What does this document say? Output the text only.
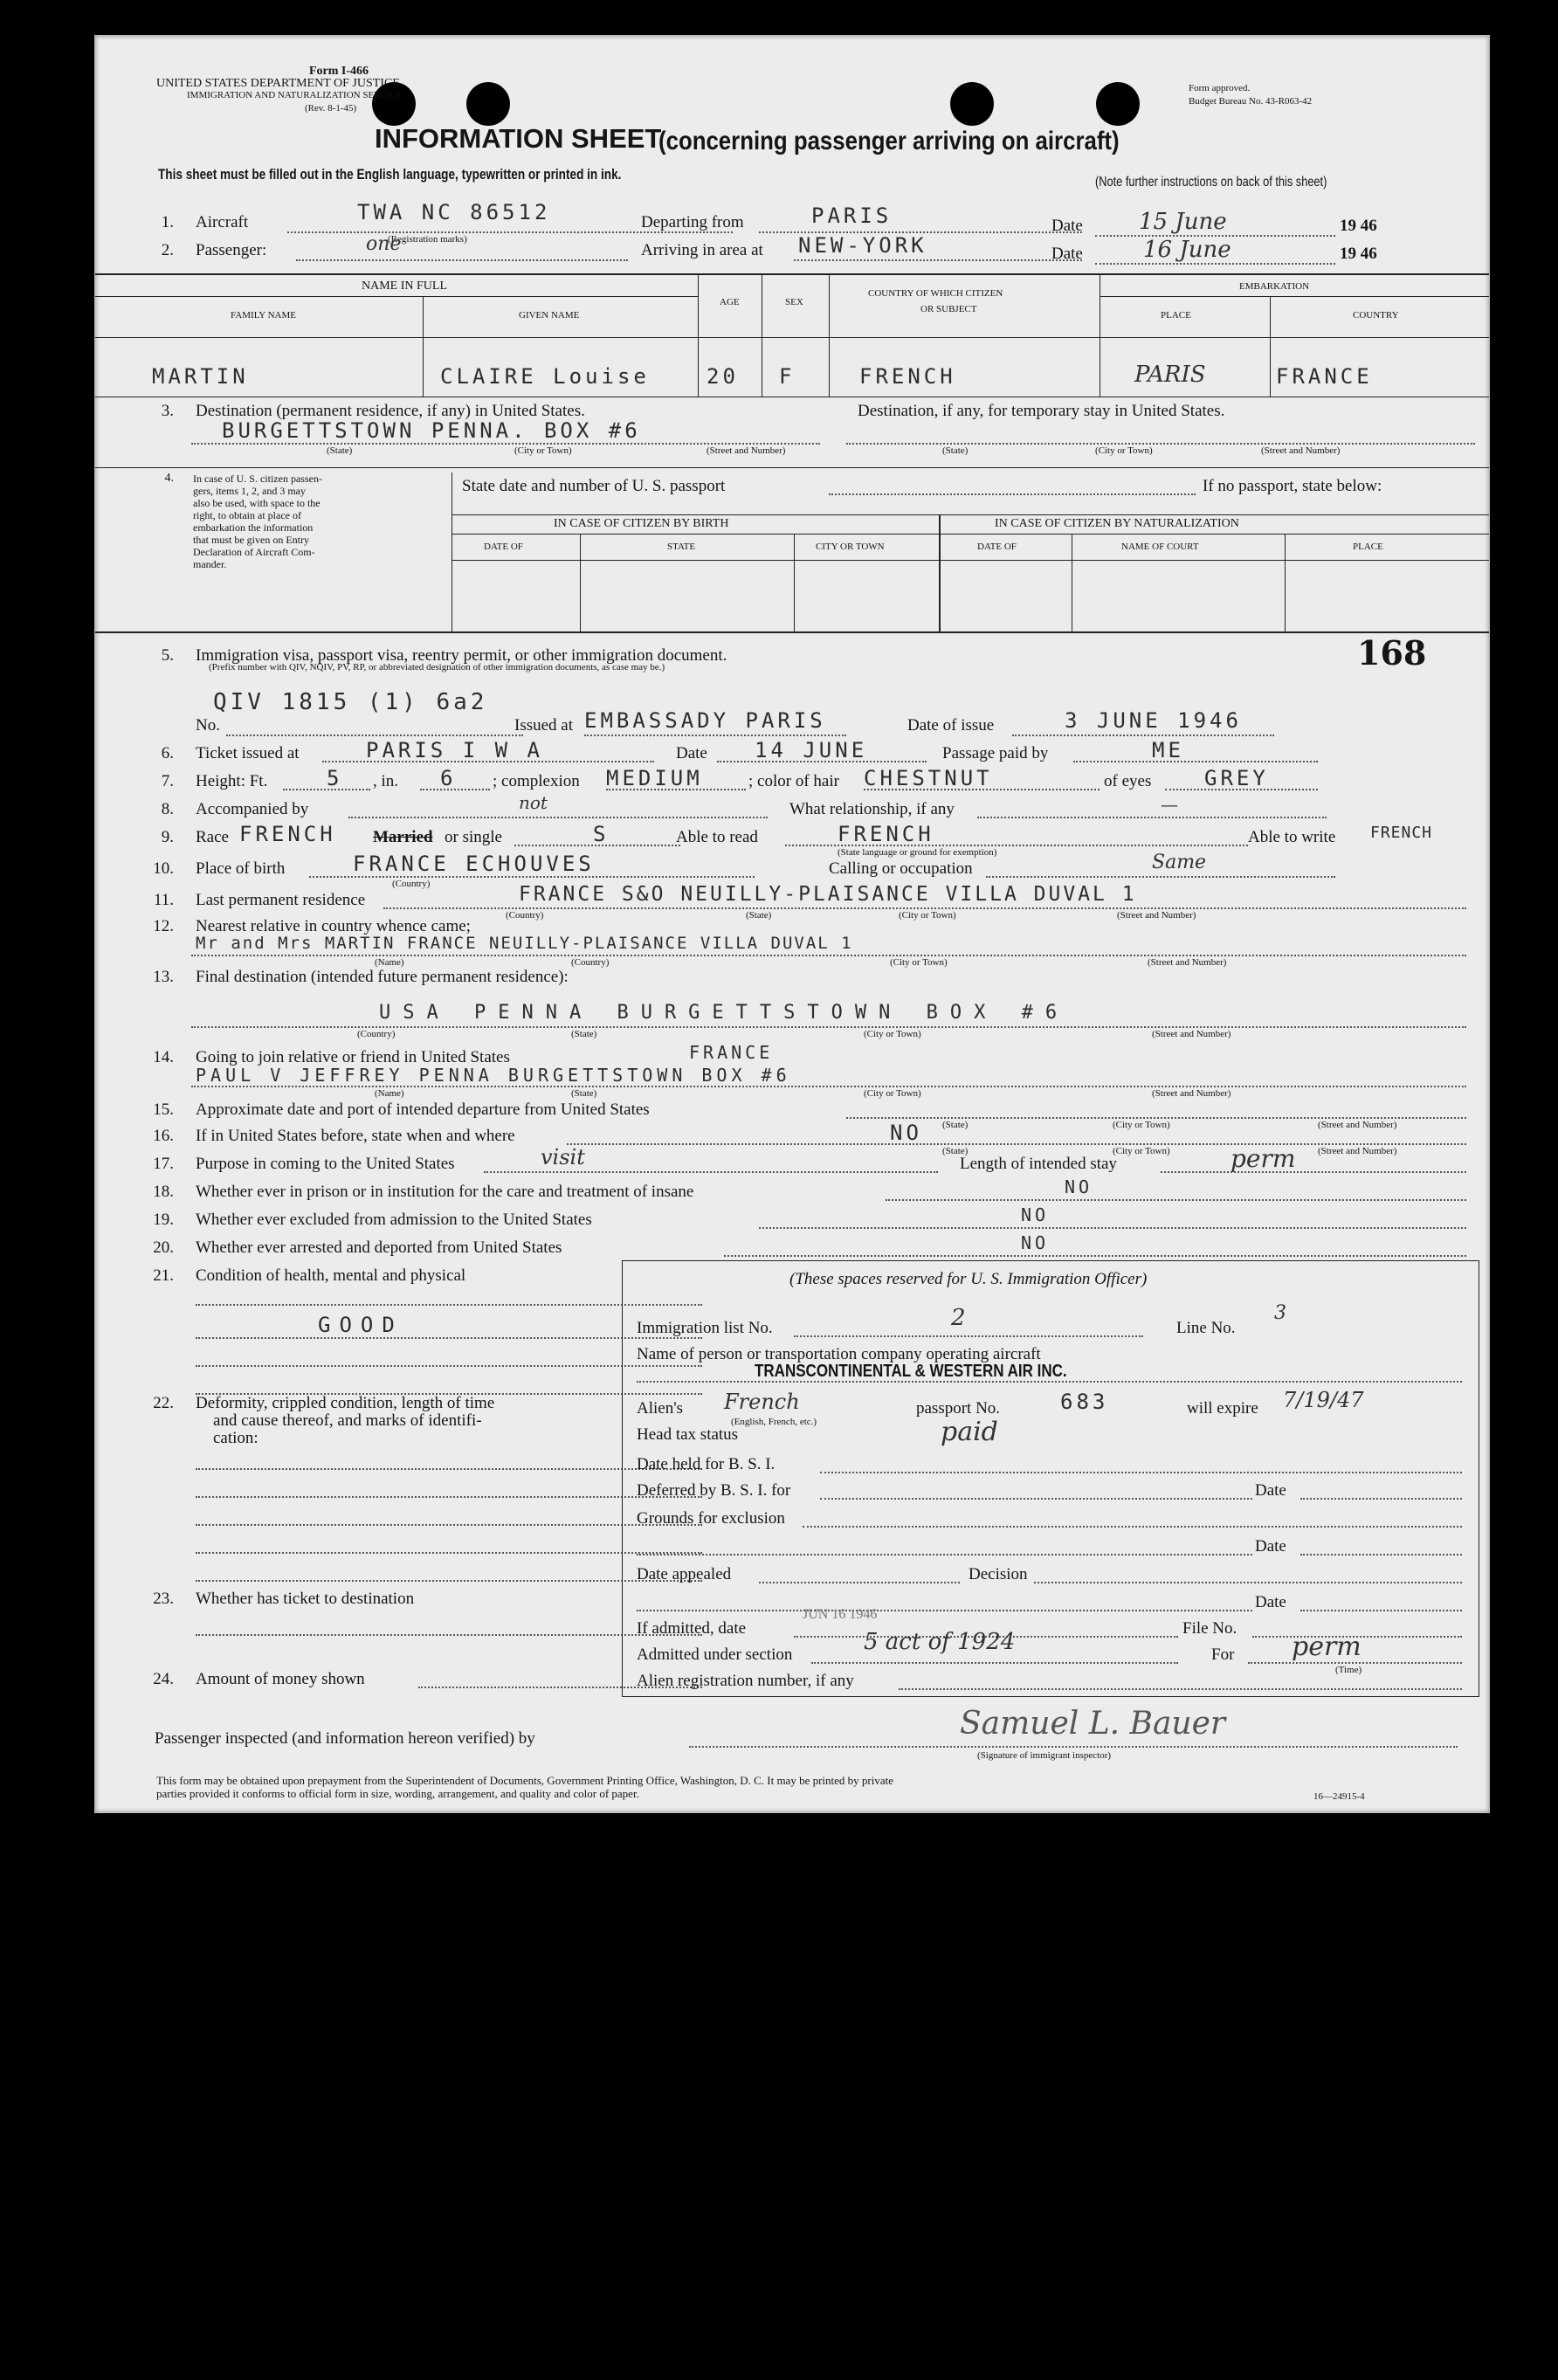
Form I-466
UNITED STATES DEPARTMENT OF JUSTICE
IMMIGRATION AND NATURALIZATION SERVICE
(Rev. 8-1-45)
Form approved.
Budget Bureau No. 43-R063-42
INFORMATION SHEET
(concerning passenger arriving on aircraft)
This sheet must be filled out in the English language, typewritten or printed in ink.	(Note further instructions on back of this sheet)
1. Aircraft	TWA NC 86512
(Registration marks)
Departing from	PARIS	Date 15 June	19 46
2. Passenger:	one	Arriving in area at NEW-YORK	Date	16 June	19 46
NAME IN FULL
FAMILY NAME	GIVEN NAME
AGE	SEX
COUNTRY OF WHICH CITIZEN
OR SUBJECT
EMBARKATION
PLACE	COUNTRY
MARTIN	CLAIRE Louise	20 F	FRENCH	PARIS	FRANCE
3. Destination (permanent residence, if any) in United States.	Destination, if any, for temporary stay in United States.
BURGETTSTOWN PENNA. BOX #6
(State)	(City or Town)	(Street and Number)	(State)	(City or Town)	(Street and Number)
4. In case of U. S. citizen passen-
gers, items 1, 2, and 3 may
also be used, with space to the
right, to obtain at place of
embarkation the information
that must be given on Entry
Declaration of Aircraft Com-
mander.
State date and number of U. S. passport	If no passport, state below:
IN CASE OF CITIZEN BY BIRTH	IN CASE OF CITIZEN BY NATURALIZATION
DATE OF	STATE	CITY OR TOWN	DATE OF	NAME OF COURT	PLACE
5. Immigration visa, passport visa, reentry permit, or other immigration document.
(Prefix number with QIV, NQIV, PV, RP, or abbreviated designation of other immigration documents, as case may be.)	168
No.
QIV 1815 (1) 6a2
Issued at EMBASSADY PARIS	Date of issue	3 JUNE 1946
6. Ticket issued at	PARIS I W A	Date 14 JUNE	Passage paid by	ME
7. Height: Ft.	5 , in. 6 ; complexion MEDIUM	; color of hair CHESTNUT	of eyes	GREY
8. Accompanied by	not	What relationship, if any	—
9. Race FRENCH Married or single	S	Able to read	FRENCH	Able to write FRENCH
(State language or ground for exemption)
10. Place of birth	FRANCE ECHOUVES
(Country)
Calling or occupation	Same
11. Last permanent residence	FRANCE S&O NEUILLY-PLAISANCE VILLA DUVAL 1
(Country)	(State)	(City or Town)	(Street and Number)
12. Nearest relative in country whence came;
Mr and Mrs MARTIN FRANCE NEUILLY-PLAISANCE VILLA DUVAL 1
(Name)	(Country)	(City or Town)	(Street and Number)
13. Final destination (intended future permanent residence):
USA PENNA BURGETTSTOWN BOX #6
(Country)	(State)	(City or Town)	(Street and Number)
14. Going to join relative or friend in United States	FRANCE
PAUL V JEFFREY PENNA BURGETTSTOWN BOX #6
(Name)	(State)	(City or Town)	(Street and Number)
15. Approximate date and port of intended departure from United States
(State)	(City or Town)	(Street and Number)
16. If in United States before, state when and where	NO
(State)	(City or Town)	(Street and Number)
17. Purpose in coming to the United States	visit	Length of intended stay	perm
18. Whether ever in prison or in institution for the care and treatment of insane	NO
19. Whether ever excluded from admission to the United States	NO
20. Whether ever arrested and deported from United States	NO
21. Condition of health, mental and physical
GOOD
22. Deformity, crippled condition, length of time
and cause thereof, and marks of identifi-
cation:
23. Whether has ticket to destination
24. Amount of money shown
(These spaces reserved for U. S. Immigration Officer)
Immigration list No.	2	Line No.
3
Name of person or transportation company operating aircraft
TRANSCONTINENTAL & WESTERN AIR INC.
Alien's French
(English, French, etc.)
passport No.	683	will expire 7/19/47
Head tax status	paid
Date held for B. S. I.
Deferred by B. S. I. for	Date
Grounds for exclusion
Date
Date appealed	Decision
Date
If admitted, date
JUN 16 1946
File No.
Admitted under section	5 act of 1924	For perm
(Time)
Alien registration number, if any
Passenger inspected (and information hereon verified) by	Samuel L. Bauer
(Signature of immigrant inspector)
This form may be obtained upon prepayment from the Superintendent of Documents, Government Printing Office, Washington, D. C. It may be printed by private
parties provided it conforms to official form in size, wording, arrangement, and quality and color of paper.	16—24915-4
